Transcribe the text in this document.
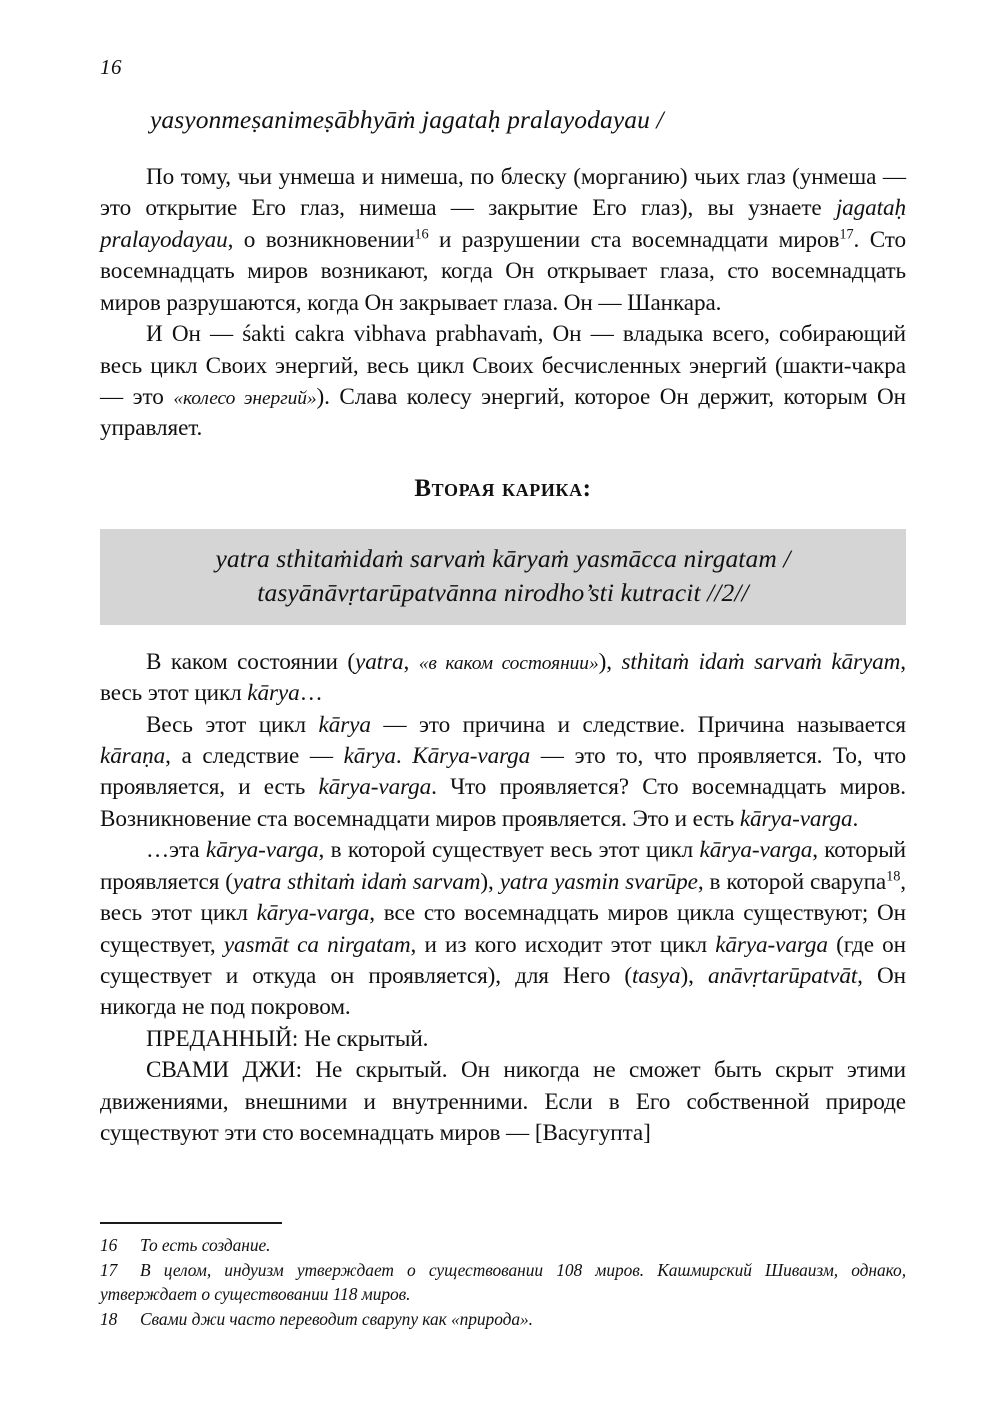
16
yasyonmeṣanimeṣābhyāṁ jagataḥ pralayodayau /

По тому, чьи унмеша и нимеша, по блеску (морганию) чьих глаз (унмеша — это открытие Его глаз, нимеша — закрытие Его глаз), вы узнаете jagataḥ pralayodayau, о возникновении$^{16}$ и разрушении ста восемнадцати миров$^{17}$. Сто восемнадцать миров возникают, когда Он открывает глаза, сто восемнадцать миров разрушаются, когда Он закрывает глаза. Он — Шанкара.

И Он — śakti cakra vibhava prabhavaṁ, Он — владыка всего, собирающий весь цикл Своих энергий, весь цикл Своих бесчисленных энергий (шакти-чакра — это «колесо энергий»). Слава колесу энергий, которое Он держит, которым Он управляет.

Вторая карика:
yatra sthitaṁidaṁ sarvaṁ kāryaṁ yasmācca nirgatam /
tasyānāvṛtarūpatvānna nirodho’sti kutracit //2//

В каком состоянии (yatra, «в каком состоянии»), sthitaṁ idaṁ sarvaṁ kāryam, весь этот цикл kārya…

Весь этот цикл kārya — это причина и следствие. Причина называется kāraṇa, а следствие — kārya. Kārya-varga — это то, что проявляется. То, что проявляется, и есть kārya-varga. Что проявляется? Сто восемнадцать миров. Возникновение ста восемнадцати миров проявляется. Это и есть kārya-varga.

…эта kārya-varga, в которой существует весь этот цикл kārya-varga, который проявляется (yatra sthitaṁ idaṁ sarvam), yatra yasmin svarūpe, в которой сварупа$^{18}$, весь этот цикл kārya-varga, все сто восемнадцать миров цикла существуют; Он существует, yasmāt ca nirgatam, и из кого исходит этот цикл kārya-varga (где он существует и откуда он проявляется), для Него (tasya), anāvṛtarūpatvāt, Он никогда не под покровом.

ПРЕДАННЫЙ: Не скрытый.

СВАМИ ДЖИ: Не скрытый. Он никогда не сможет быть скрыт этими движениями, внешними и внутренними. Если в Его собственной природе существуют эти сто восемнадцать миров — [Васугупта]

16 То есть создание.

17 В целом, индуизм утверждает о существовании 108 миров. Кашмирский Шиваизм, однако, утверждает о существовании 118 миров.

18 Свами джи часто переводит сварупу как «природа».
